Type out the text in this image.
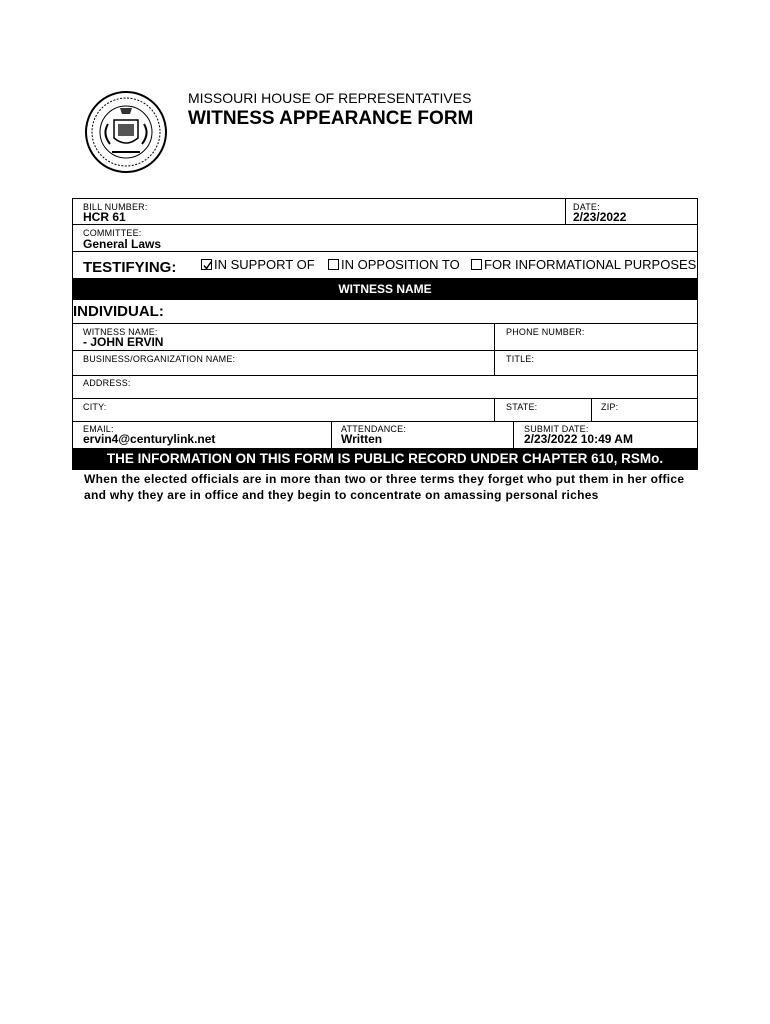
MISSOURI HOUSE OF REPRESENTATIVES
WITNESS APPEARANCE FORM
BILL NUMBER:
HCR 61
DATE:
2/23/2022
COMMITTEE:
General Laws
TESTIFYING:	IN SUPPORT OF IN OPPOSITION TO FOR INFORMATIONAL PURPOSES
WITNESS NAME
INDIVIDUAL:
WITNESS NAME:
- JOHN ERVIN
PHONE NUMBER:
BUSINESS/ORGANIZATION NAME:	TITLE:
ADDRESS:
CITY:	STATE:	ZIP:
EMAIL:
ervin4@centurylink.net
ATTENDANCE:
Written
SUBMIT DATE:
2/23/2022 10:49 AM
THE INFORMATION ON THIS FORM IS PUBLIC RECORD UNDER CHAPTER 610, RSMo.
When the elected officials are in more than two or three terms they forget who put them in her office
and why they are in office and they begin to concentrate on amassing personal riches
